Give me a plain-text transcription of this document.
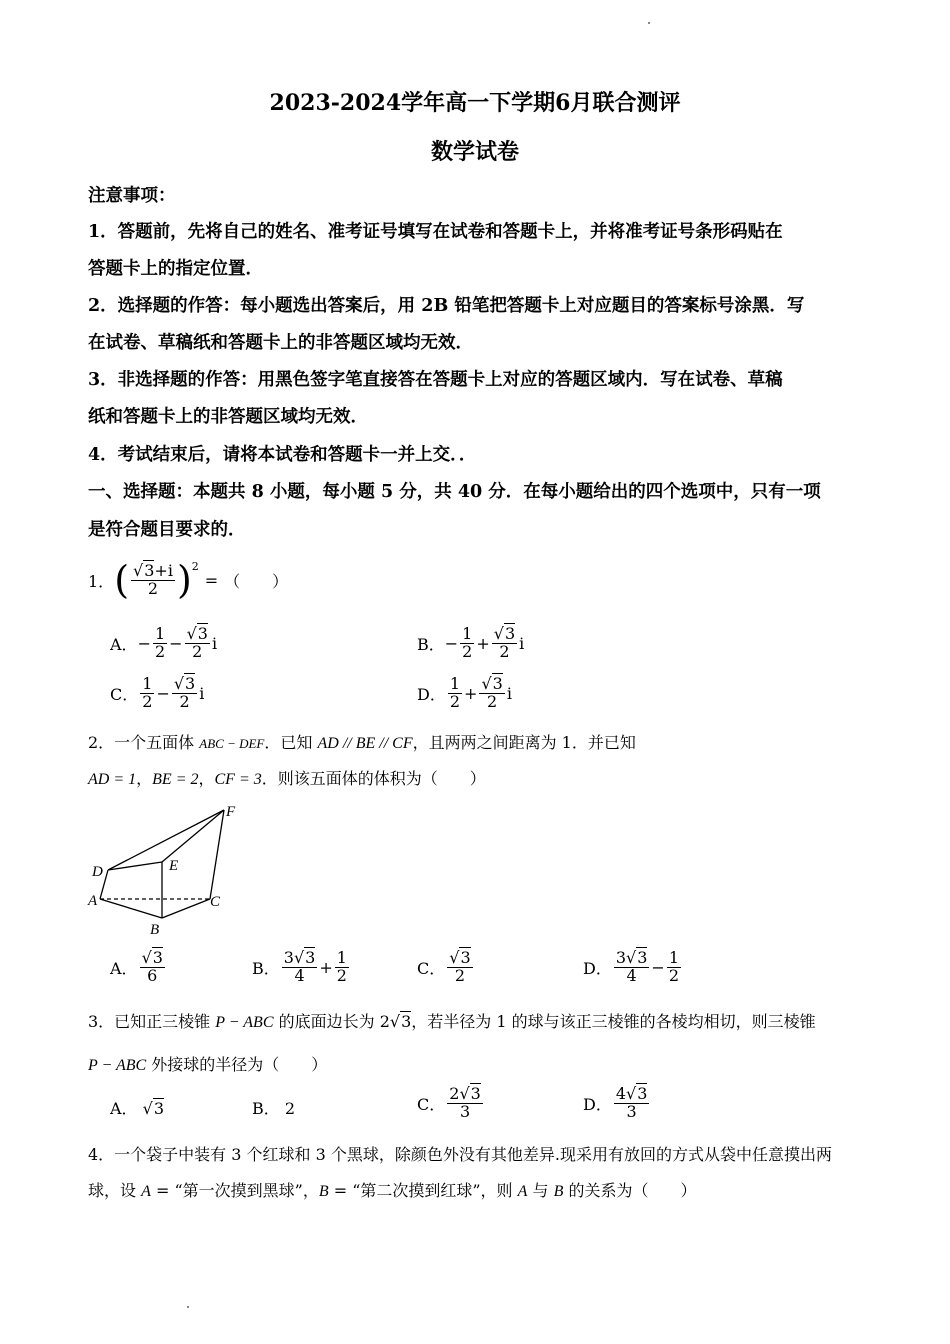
2023-2024学年高一下学期6月联合测评
数学试卷
注意事项：
1．答题前，先将自己的姓名、准考证号填写在试卷和答题卡上，并将准考证号条形码贴在
答题卡上的指定位置．
2．选择题的作答：每小题选出答案后，用 2B 铅笔把答题卡上对应题目的答案标号涂黑．写
在试卷、草稿纸和答题卡上的非答题区域均无效．
3．非选择题的作答：用黑色签字笔直接答在答题卡上对应的答题区域内．写在试卷、草稿
纸和答题卡上的非答题区域均无效．
4．考试结束后，请将本试卷和答题卡一并上交．．
一、选择题：本题共 8 小题，每小题 5 分，共 40 分．在每小题给出的四个选项中，只有一项
是符合题目要求的．
1． ( $\frac{√3+i}{2} )^2$
= （　　）
A． − $\frac{1}{2} - \frac{√3}{2}$ i	B． − $\frac{1}{2} + \frac{√3}{2}$ i
C． $\frac{1}{2} - \frac{√3}{2}$ i	D． $\frac{1}{2} + \frac{√3}{2}$ i
2．一个五面体 ABC − DEF．已知 AD // BE // CF，且两两之间距离为 1．并已知
AD = 1，BE = 2，CF = 3．则该五面体的体积为（　　）
F
D	E
A	C
B
A． $\frac{√3}{6}$	B． $\frac{3√3}{4} + \frac{1}{2}$	C． $\frac{√3}{2}$	D． $\frac{3√3}{4} - \frac{1}{2}$
3．已知正三棱锥 P − ABC 的底面边长为 2√3，若半径为 1 的球与该正三棱锥的各棱均相切，则三棱锥
P − ABC 外接球的半径为（　　）
A． √3	B． 2	C． $\frac{2√3}{3}$	D． $\frac{4√3}{3}$
4．一个袋子中装有 3 个红球和 3 个黑球，除颜色外没有其他差异.现采用有放回的方式从袋中任意摸出两
球，设 A = “第一次摸到黑球”，B = “第二次摸到红球”，则 A 与 B 的关系为（　　）
